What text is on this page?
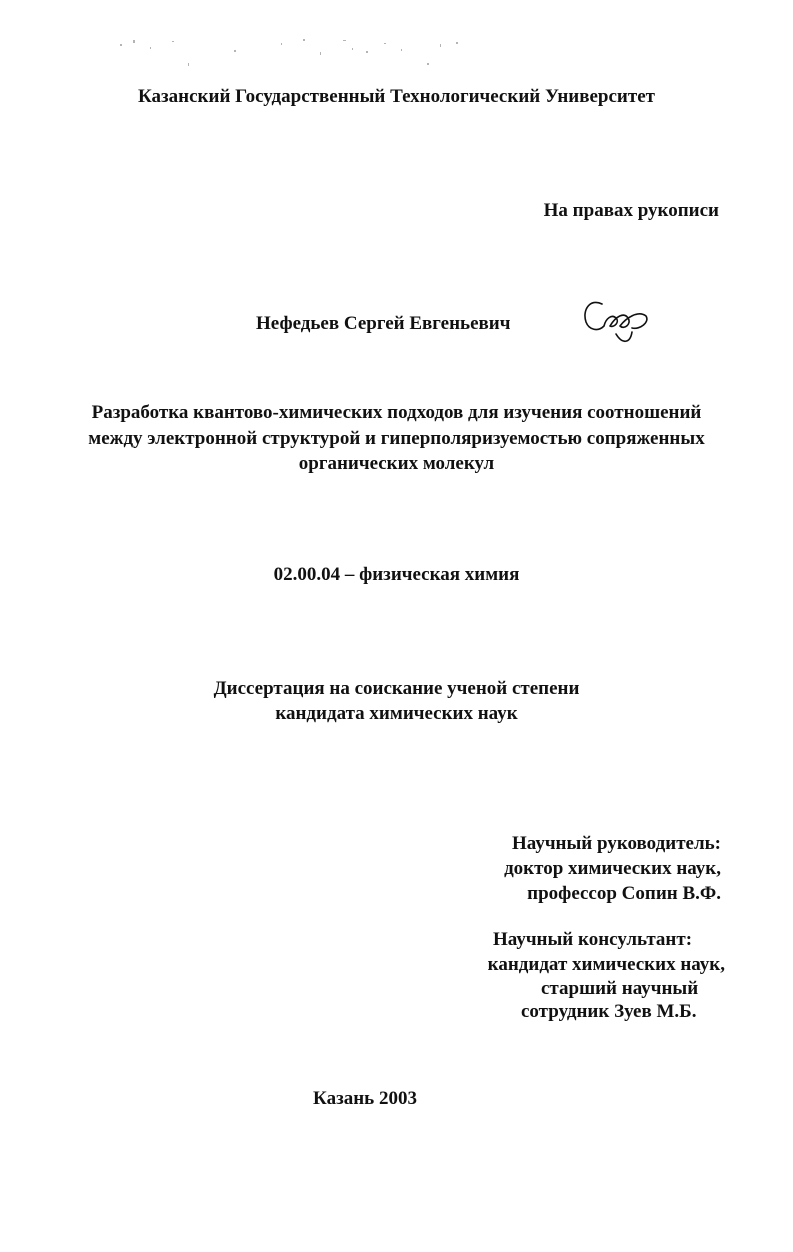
Казанский Государственный Технологический Университет
На правах рукописи
Нефедьев Сергей Евгеньевич
Разработка квантово-химических подходов для изучения соотношений
между электронной структурой и гиперполяризуемостью сопряженных
органических молекул
02.00.04 – физическая химия
Диссертация на соискание ученой степени
кандидата химических наук
Научный руководитель:
доктор химических наук,
профессор Сопин В.Ф.
Научный консультант:
кандидат химических наук,
старший научный
сотрудник Зуев М.Б.
Казань 2003
